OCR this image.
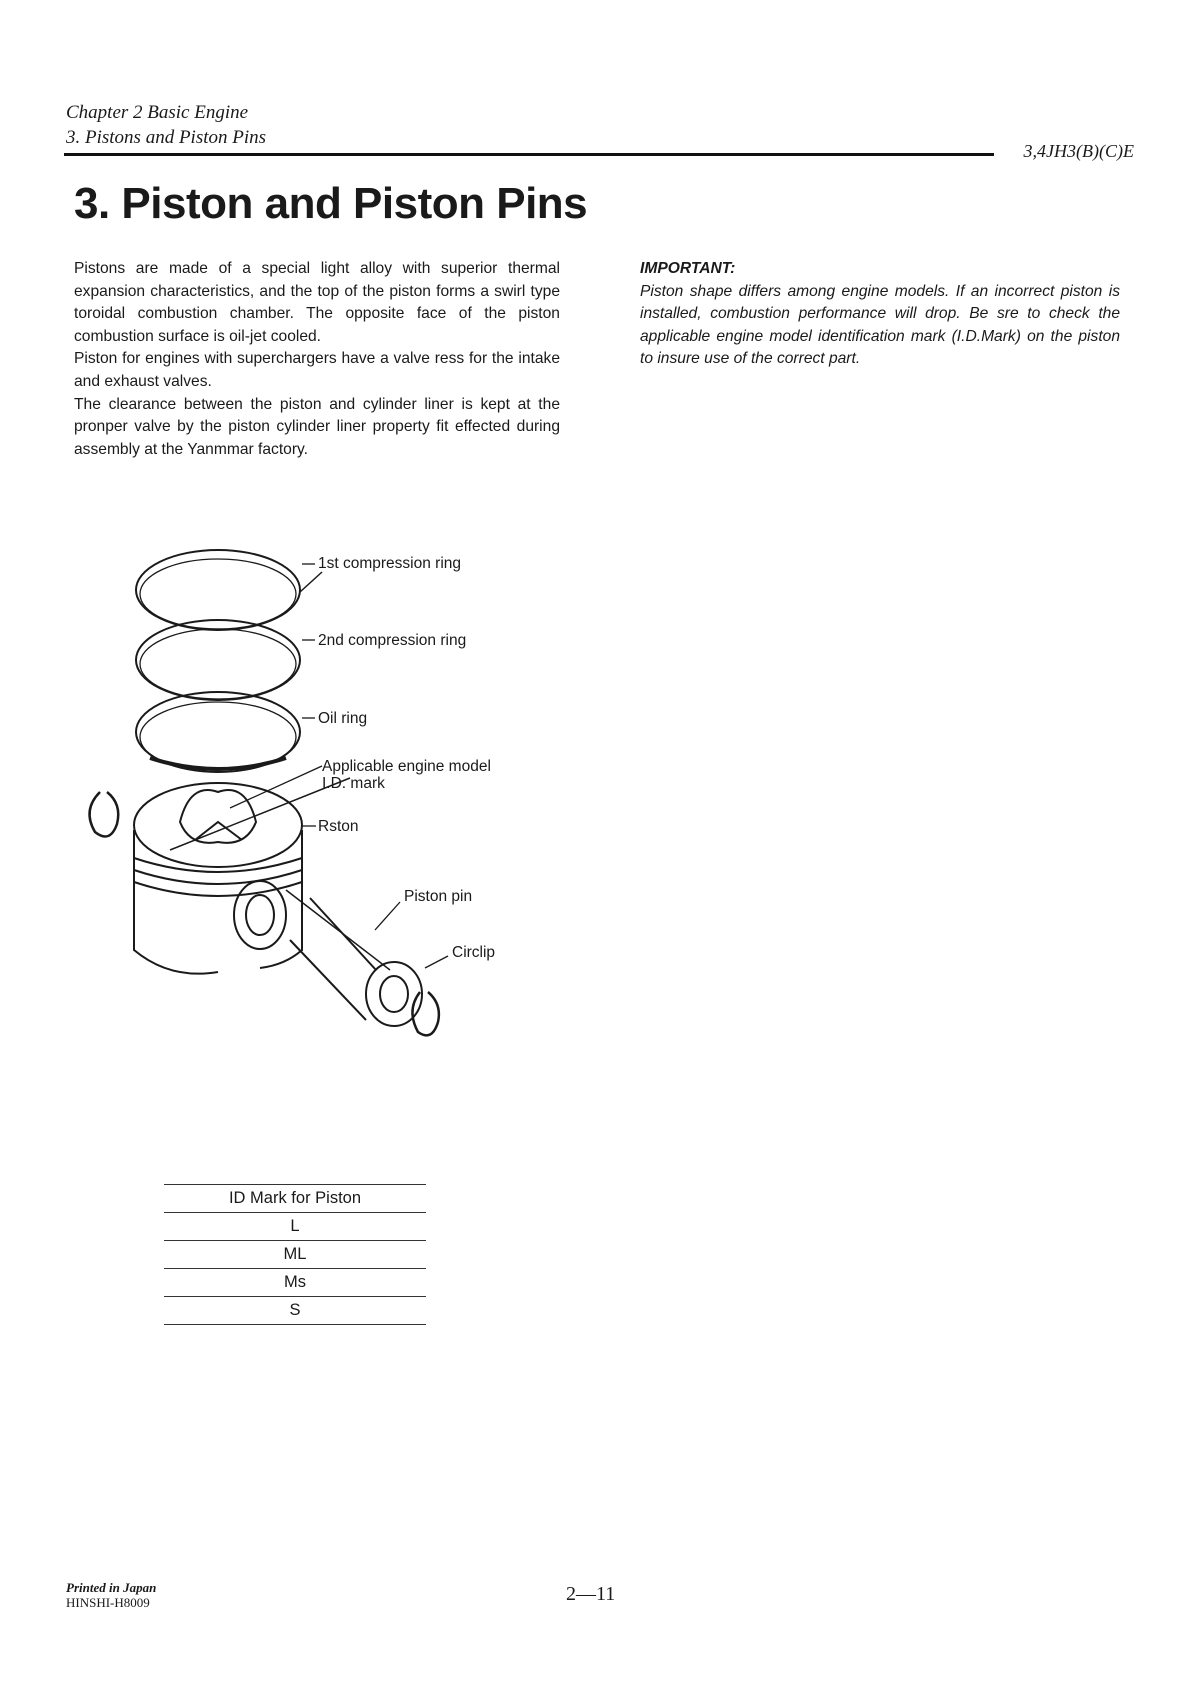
Chapter 2 Basic Engine
3. Pistons and Piston Pins
3,4JH3(B)(C)E
3. Piston and Piston Pins

Pistons are made of a special light alloy with superior thermal expansion characteristics, and the top of the piston forms a swirl type toroidal combustion chamber. The opposite face of the piston combustion surface is oil-jet cooled.

Piston for engines with superchargers have a valve ress for the intake and exhaust valves.

The clearance between the piston and cylinder liner is kept at the pronper valve by the piston cylinder liner property fit effected during assembly at the Yanmmar factory.

IMPORTANT:

Piston shape differs among engine models. If an incorrect piston is installed, combustion performance will drop. Be sre to check the applicable engine model identification mark (I.D.Mark) on the piston to insure use of the correct part.

1st compression ring
2nd compression ring
Oil ring
Applicable engine model
I.D. mark
Rston
Piston pin
Circlip
ID Mark for Piston
L
ML
Ms
S
Printed in Japan
HINSHI-H8009	2—11
